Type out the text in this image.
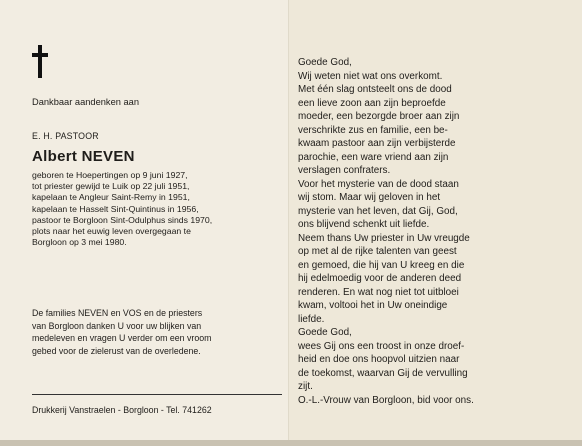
Dankbaar aandenken aan
E. H. PASTOOR
Albert NEVEN
geboren te Hoepertingen op 9 juni 1927,
tot priester gewijd te Luik op 22 juli 1951,
kapelaan te Angleur Saint-Remy in 1951,
kapelaan te Hasselt Sint-Quintinus in 1956,
pastoor te Borgloon Sint-Odulphus sinds 1970,
plots naar het euwig leven overgegaan te
Borgloon op 3 mei 1980.
De families NEVEN en VOS en de priesters
van Borgloon danken U voor uw blijken van
medeleven en vragen U verder om een vroom
gebed voor de zielerust van de overledene.
Drukkerij Vanstraelen - Borgloon - Tel. 741262
Goede God,
Wij weten niet wat ons overkomt.
Met één slag ontsteelt ons de dood
een lieve zoon aan zijn beproefde
moeder, een bezorgde broer aan zijn
verschrikte zus en familie, een be-
kwaam pastoor aan zijn verbijsterde
parochie, een ware vriend aan zijn
verslagen confraters.
Voor het mysterie van de dood staan
wij stom. Maar wij geloven in het
mysterie van het leven, dat Gij, God,
ons blijvend schenkt uit liefde.
Neem thans Uw priester in Uw vreugde
op met al de rijke talenten van geest
en gemoed, die hij van U kreeg en die
hij edelmoedig voor de anderen deed
renderen. En wat nog niet tot uitbloei
kwam, voltooi het in Uw oneindige
liefde.
Goede God,
wees Gij ons een troost in onze droef-
heid en doe ons hoopvol uitzien naar
de toekomst, waarvan Gij de vervulling
zijt.
O.-L.-Vrouw van Borgloon, bid voor ons.
